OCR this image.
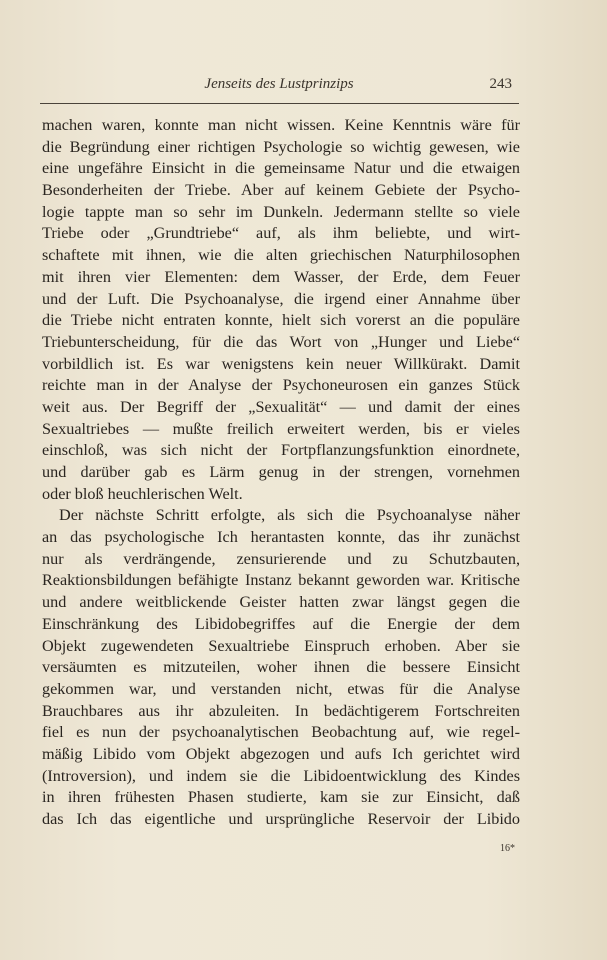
Jenseits des Lustprinzips	243
machen waren, konnte man nicht wissen. Keine Kenntnis wäre für
die Begründung einer richtigen Psychologie so wichtig gewesen, wie
eine ungefähre Einsicht in die gemeinsame Natur und die etwaigen
Besonderheiten der Triebe. Aber auf keinem Gebiete der Psycho-
logie tappte man so sehr im Dunkeln. Jedermann stellte so viele
Triebe oder „Grundtriebe“ auf, als ihm beliebte, und wirt-
schaftete mit ihnen, wie die alten griechischen Naturphilosophen
mit ihren vier Elementen: dem Wasser, der Erde, dem Feuer
und der Luft. Die Psychoanalyse, die irgend einer Annahme über
die Triebe nicht entraten konnte, hielt sich vorerst an die populäre
Triebunterscheidung, für die das Wort von „Hunger und Liebe“
vorbildlich ist. Es war wenigstens kein neuer Willkürakt. Damit
reichte man in der Analyse der Psychoneurosen ein ganzes Stück
weit aus. Der Begriff der „Sexualität“ — und damit der eines
Sexualtriebes — mußte freilich erweitert werden, bis er vieles
einschloß, was sich nicht der Fortpflanzungsfunktion einordnete,
und darüber gab es Lärm genug in der strengen, vornehmen
oder bloß heuchlerischen Welt.
Der nächste Schritt erfolgte, als sich die Psychoanalyse näher
an das psychologische Ich herantasten konnte, das ihr zunächst
nur als verdrängende, zensurierende und zu Schutzbauten,
Reaktionsbildungen befähigte Instanz bekannt geworden war. Kritische
und andere weitblickende Geister hatten zwar längst gegen die
Einschränkung des Libidobegriffes auf die Energie der dem
Objekt zugewendeten Sexualtriebe Einspruch erhoben. Aber sie
versäumten es mitzuteilen, woher ihnen die bessere Einsicht
gekommen war, und verstanden nicht, etwas für die Analyse
Brauchbares aus ihr abzuleiten. In bedächtigerem Fortschreiten
fiel es nun der psychoanalytischen Beobachtung auf, wie regel-
mäßig Libido vom Objekt abgezogen und aufs Ich gerichtet wird
(Introversion), und indem sie die Libidoentwicklung des Kindes
in ihren frühesten Phasen studierte, kam sie zur Einsicht, daß
das Ich das eigentliche und ursprüngliche Reservoir der Libido
16*
